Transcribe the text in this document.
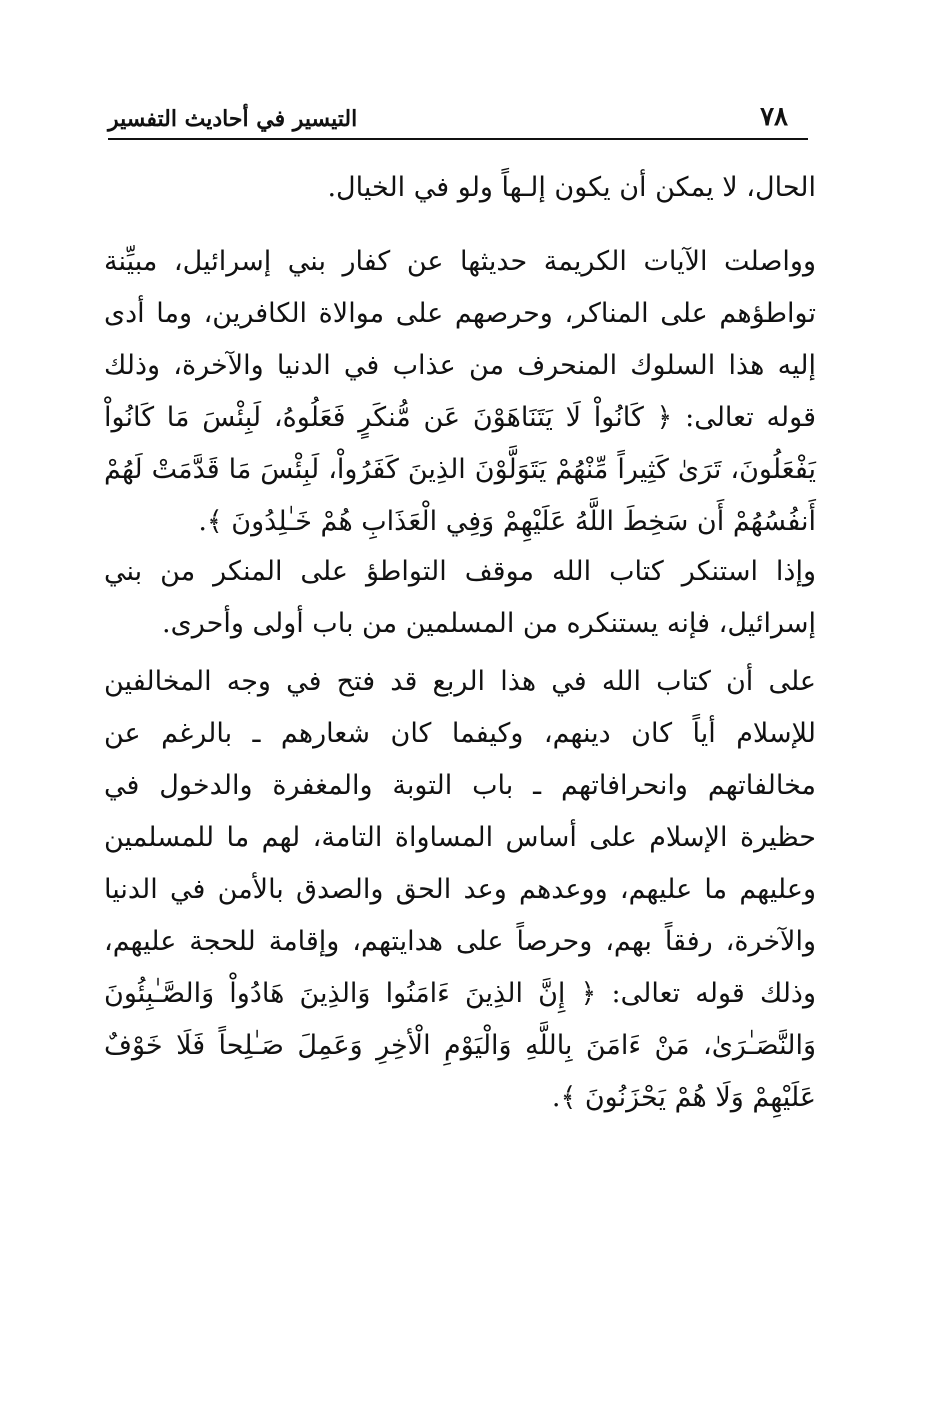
٧٨
التيسير في أحاديث التفسير

الحال، لا يمكن أن يكون إلـهاً ولو في الخيال.

وواصلت الآيات الكريمة حديثها عن كفار بني إسرائيل، مبيِّنة تواطؤهم على المناكر، وحرصهم على موالاة الكافرين، وما أدى إليه هذا السلوك المنحرف من عذاب في الدنيا والآخرة، وذلك قوله تعالى: ﴿ كَانُواْ لَا يَتَنَاهَوْنَ عَن مُّنكَرٍ فَعَلُوهُ، لَبِئْسَ مَا كَانُواْ يَفْعَلُونَ، تَرَىٰ كَثِيراً مِّنْهُمْ يَتَوَلَّوْنَ الذِينَ كَفَرُواْ، لَبِئْسَ مَا قَدَّمَتْ لَهُمْ أَنفُسُهُمْ أَن سَخِطَ اللَّهُ عَلَيْهِمْ وَفِي الْعَذَابِ هُمْ خَـٰلِدُونَ ﴾.

وإذا استنكر كتاب الله موقف التواطؤ على المنكر من بني إسرائيل، فإنه يستنكره من المسلمين من باب أولى وأحرى.

على أن كتاب الله في هذا الربع قد فتح في وجه المخالفين للإسلام أياً كان دينهم، وكيفما كان شعارهم ـ بالرغم عن مخالفاتهم وانحرافاتهم ـ باب التوبة والمغفرة والدخول في حظيرة الإسلام على أساس المساواة التامة، لهم ما للمسلمين وعليهم ما عليهم، ووعدهم وعد الحق والصدق بالأمن في الدنيا والآخرة، رفقاً بهم، وحرصاً على هدايتهم، وإقامة للحجة عليهم، وذلك قوله تعالى: ﴿ إِنَّ الذِينَ ءَامَنُوا وَالذِينَ هَادُواْ وَالصَّـٰبِئُونَ وَالنَّصَـٰرَىٰ، مَنْ ءَامَنَ بِاللَّهِ وَالْيَوْمِ الْأخِرِ وَعَمِلَ صَـٰلِحاً فَلَا خَوْفٌ عَلَيْهِمْ وَلَا هُمْ يَحْزَنُونَ ﴾.
